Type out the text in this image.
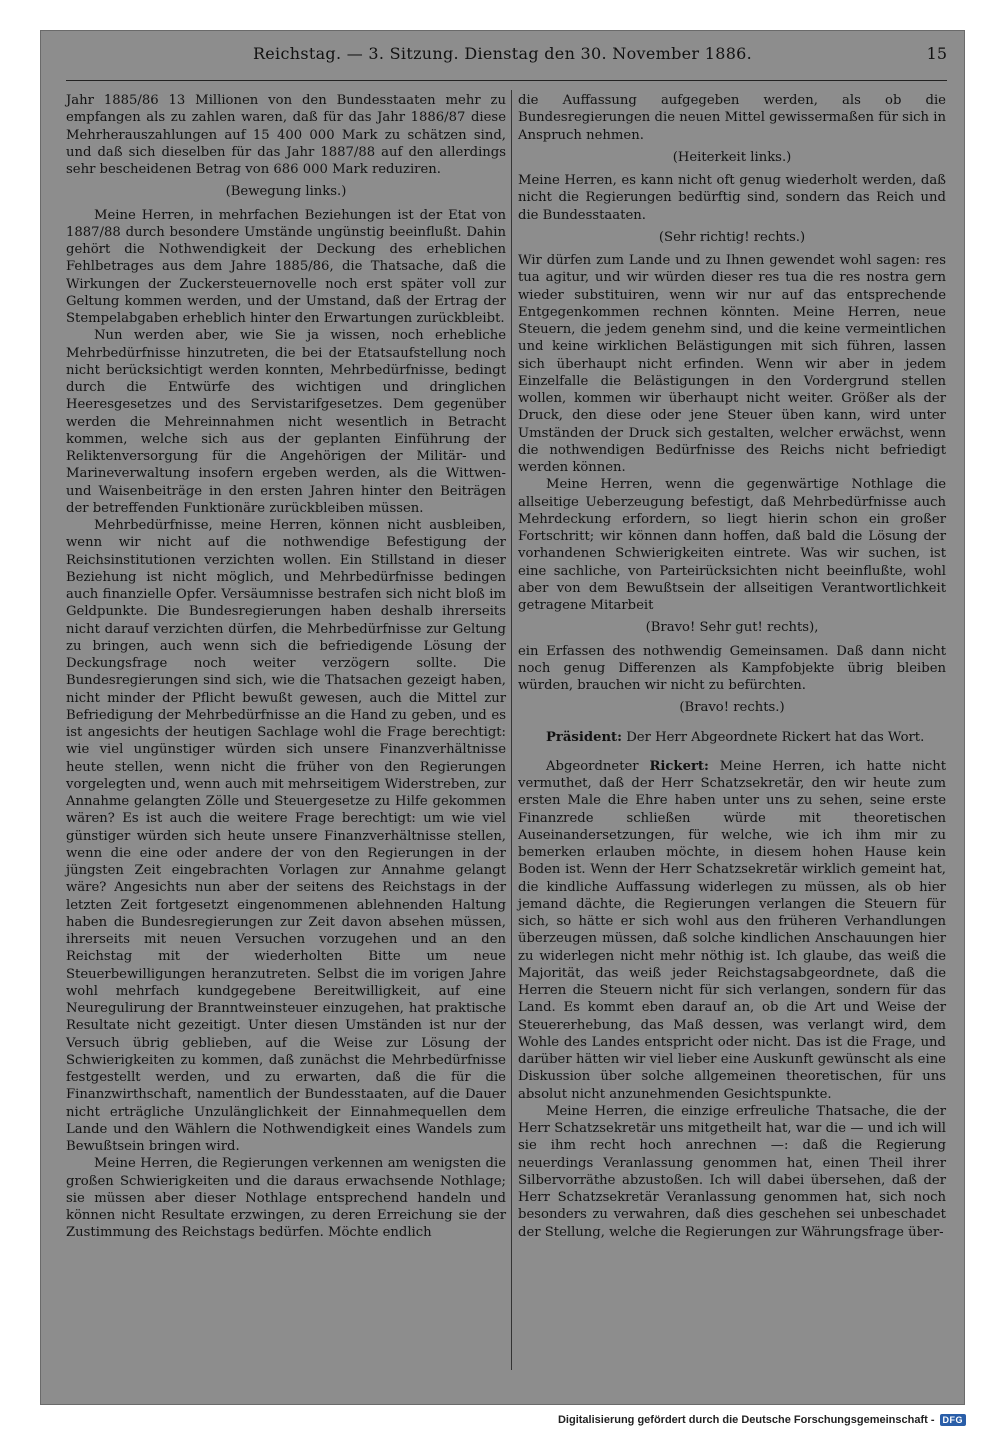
Reichstag. — 3. Sitzung. Dienstag den 30. November 1886.	15

Jahr 1885/86 13 Millionen von den Bundesstaaten mehr zu empfangen als zu zahlen waren, daß für das Jahr 1886/87 diese Mehrherauszahlungen auf 15 400 000 Mark zu schätzen sind, und daß sich dieselben für das Jahr 1887/88 auf den allerdings sehr bescheidenen Betrag von 686 000 Mark reduziren.

(Bewegung links.)

Meine Herren, in mehrfachen Beziehungen ist der Etat von 1887/88 durch besondere Umstände ungünstig beeinflußt. Dahin gehört die Nothwendigkeit der Deckung des erheblichen Fehlbetrages aus dem Jahre 1885/86, die Thatsache, daß die Wirkungen der Zuckersteuernovelle noch erst später voll zur Geltung kommen werden, und der Umstand, daß der Ertrag der Stempelabgaben erheblich hinter den Erwartungen zurückbleibt.

Nun werden aber, wie Sie ja wissen, noch erhebliche Mehrbedürfnisse hinzutreten, die bei der Etatsaufstellung noch nicht berücksichtigt werden konnten, Mehrbedürfnisse, bedingt durch die Entwürfe des wichtigen und dringlichen Heeresgesetzes und des Servistarifgesetzes. Dem gegenüber werden die Mehreinnahmen nicht wesentlich in Betracht kommen, welche sich aus der geplanten Einführung der Reliktenversorgung für die Angehörigen der Militär- und Marineverwaltung insofern ergeben werden, als die Wittwen- und Waisenbeiträge in den ersten Jahren hinter den Beiträgen der betreffenden Funktionäre zurückbleiben müssen.

Mehrbedürfnisse, meine Herren, können nicht ausbleiben, wenn wir nicht auf die nothwendige Befestigung der Reichsinstitutionen verzichten wollen. Ein Stillstand in dieser Beziehung ist nicht möglich, und Mehrbedürfnisse bedingen auch finanzielle Opfer. Versäumnisse bestrafen sich nicht bloß im Geldpunkte. Die Bundesregierungen haben deshalb ihrerseits nicht darauf verzichten dürfen, die Mehrbedürfnisse zur Geltung zu bringen, auch wenn sich die befriedigende Lösung der Deckungsfrage noch weiter verzögern sollte. Die Bundesregierungen sind sich, wie die Thatsachen gezeigt haben, nicht minder der Pflicht bewußt gewesen, auch die Mittel zur Befriedigung der Mehrbedürfnisse an die Hand zu geben, und es ist angesichts der heutigen Sachlage wohl die Frage berechtigt: wie viel ungünstiger würden sich unsere Finanzverhältnisse heute stellen, wenn nicht die früher von den Regierungen vorgelegten und, wenn auch mit mehrseitigem Widerstreben, zur Annahme gelangten Zölle und Steuergesetze zu Hilfe gekommen wären? Es ist auch die weitere Frage berechtigt: um wie viel günstiger würden sich heute unsere Finanzverhältnisse stellen, wenn die eine oder andere der von den Regierungen in der jüngsten Zeit eingebrachten Vorlagen zur Annahme gelangt wäre? Angesichts nun aber der seitens des Reichstags in der letzten Zeit fortgesetzt eingenommenen ablehnenden Haltung haben die Bundesregierungen zur Zeit davon absehen müssen, ihrerseits mit neuen Versuchen vorzugehen und an den Reichstag mit der wiederholten Bitte um neue Steuerbewilligungen heranzutreten. Selbst die im vorigen Jahre wohl mehrfach kundgegebene Bereitwilligkeit, auf eine Neuregulirung der Branntweinsteuer einzugehen, hat praktische Resultate nicht gezeitigt. Unter diesen Umständen ist nur der Versuch übrig geblieben, auf die Weise zur Lösung der Schwierigkeiten zu kommen, daß zunächst die Mehrbedürfnisse festgestellt werden, und zu erwarten, daß die für die Finanzwirthschaft, namentlich der Bundesstaaten, auf die Dauer nicht erträgliche Unzulänglichkeit der Einnahmequellen dem Lande und den Wählern die Nothwendigkeit eines Wandels zum Bewußtsein bringen wird.

Meine Herren, die Regierungen verkennen am wenigsten die großen Schwierigkeiten und die daraus erwachsende Nothlage; sie müssen aber dieser Nothlage entsprechend handeln und können nicht Resultate erzwingen, zu deren Erreichung sie der Zustimmung des Reichstags bedürfen. Möchte endlich

die Auffassung aufgegeben werden, als ob die Bundesregierungen die neuen Mittel gewissermaßen für sich in Anspruch nehmen.

(Heiterkeit links.)

Meine Herren, es kann nicht oft genug wiederholt werden, daß nicht die Regierungen bedürftig sind, sondern das Reich und die Bundesstaaten.

(Sehr richtig! rechts.)

Wir dürfen zum Lande und zu Ihnen gewendet wohl sagen: res tua agitur, und wir würden dieser res tua die res nostra gern wieder substituiren, wenn wir nur auf das entsprechende Entgegenkommen rechnen könnten. Meine Herren, neue Steuern, die jedem genehm sind, und die keine vermeintlichen und keine wirklichen Belästigungen mit sich führen, lassen sich überhaupt nicht erfinden. Wenn wir aber in jedem Einzelfalle die Belästigungen in den Vordergrund stellen wollen, kommen wir überhaupt nicht weiter. Größer als der Druck, den diese oder jene Steuer üben kann, wird unter Umständen der Druck sich gestalten, welcher erwächst, wenn die nothwendigen Bedürfnisse des Reichs nicht befriedigt werden können.

Meine Herren, wenn die gegenwärtige Nothlage die allseitige Ueberzeugung befestigt, daß Mehrbedürfnisse auch Mehrdeckung erfordern, so liegt hierin schon ein großer Fortschritt; wir können dann hoffen, daß bald die Lösung der vorhandenen Schwierigkeiten eintrete. Was wir suchen, ist eine sachliche, von Parteirücksichten nicht beeinflußte, wohl aber von dem Bewußtsein der allseitigen Verantwortlichkeit getragene Mitarbeit

(Bravo! Sehr gut! rechts),

ein Erfassen des nothwendig Gemeinsamen. Daß dann nicht noch genug Differenzen als Kampfobjekte übrig bleiben würden, brauchen wir nicht zu befürchten.

(Bravo! rechts.)

Präsident: Der Herr Abgeordnete Rickert hat das Wort.

Abgeordneter Rickert: Meine Herren, ich hatte nicht vermuthet, daß der Herr Schatzsekretär, den wir heute zum ersten Male die Ehre haben unter uns zu sehen, seine erste Finanzrede schließen würde mit theoretischen Auseinandersetzungen, für welche, wie ich ihm mir zu bemerken erlauben möchte, in diesem hohen Hause kein Boden ist. Wenn der Herr Schatzsekretär wirklich gemeint hat, die kindliche Auffassung widerlegen zu müssen, als ob hier jemand dächte, die Regierungen verlangen die Steuern für sich, so hätte er sich wohl aus den früheren Verhandlungen überzeugen müssen, daß solche kindlichen Anschauungen hier zu widerlegen nicht mehr nöthig ist. Ich glaube, das weiß die Majorität, das weiß jeder Reichstagsabgeordnete, daß die Herren die Steuern nicht für sich verlangen, sondern für das Land. Es kommt eben darauf an, ob die Art und Weise der Steuererhebung, das Maß dessen, was verlangt wird, dem Wohle des Landes entspricht oder nicht. Das ist die Frage, und darüber hätten wir viel lieber eine Auskunft gewünscht als eine Diskussion über solche allgemeinen theoretischen, für uns absolut nicht anzunehmenden Gesichtspunkte.

Meine Herren, die einzige erfreuliche Thatsache, die der Herr Schatzsekretär uns mitgetheilt hat, war die — und ich will sie ihm recht hoch anrechnen —: daß die Regierung neuerdings Veranlassung genommen hat, einen Theil ihrer Silbervorräthe abzustoßen. Ich will dabei übersehen, daß der Herr Schatzsekretär Veranlassung genommen hat, sich noch besonders zu verwahren, daß dies geschehen sei unbeschadet der Stellung, welche die Regierungen zur Währungsfrage über-

Digitalisierung gefördert durch die Deutsche Forschungsgemeinschaft - DFG
